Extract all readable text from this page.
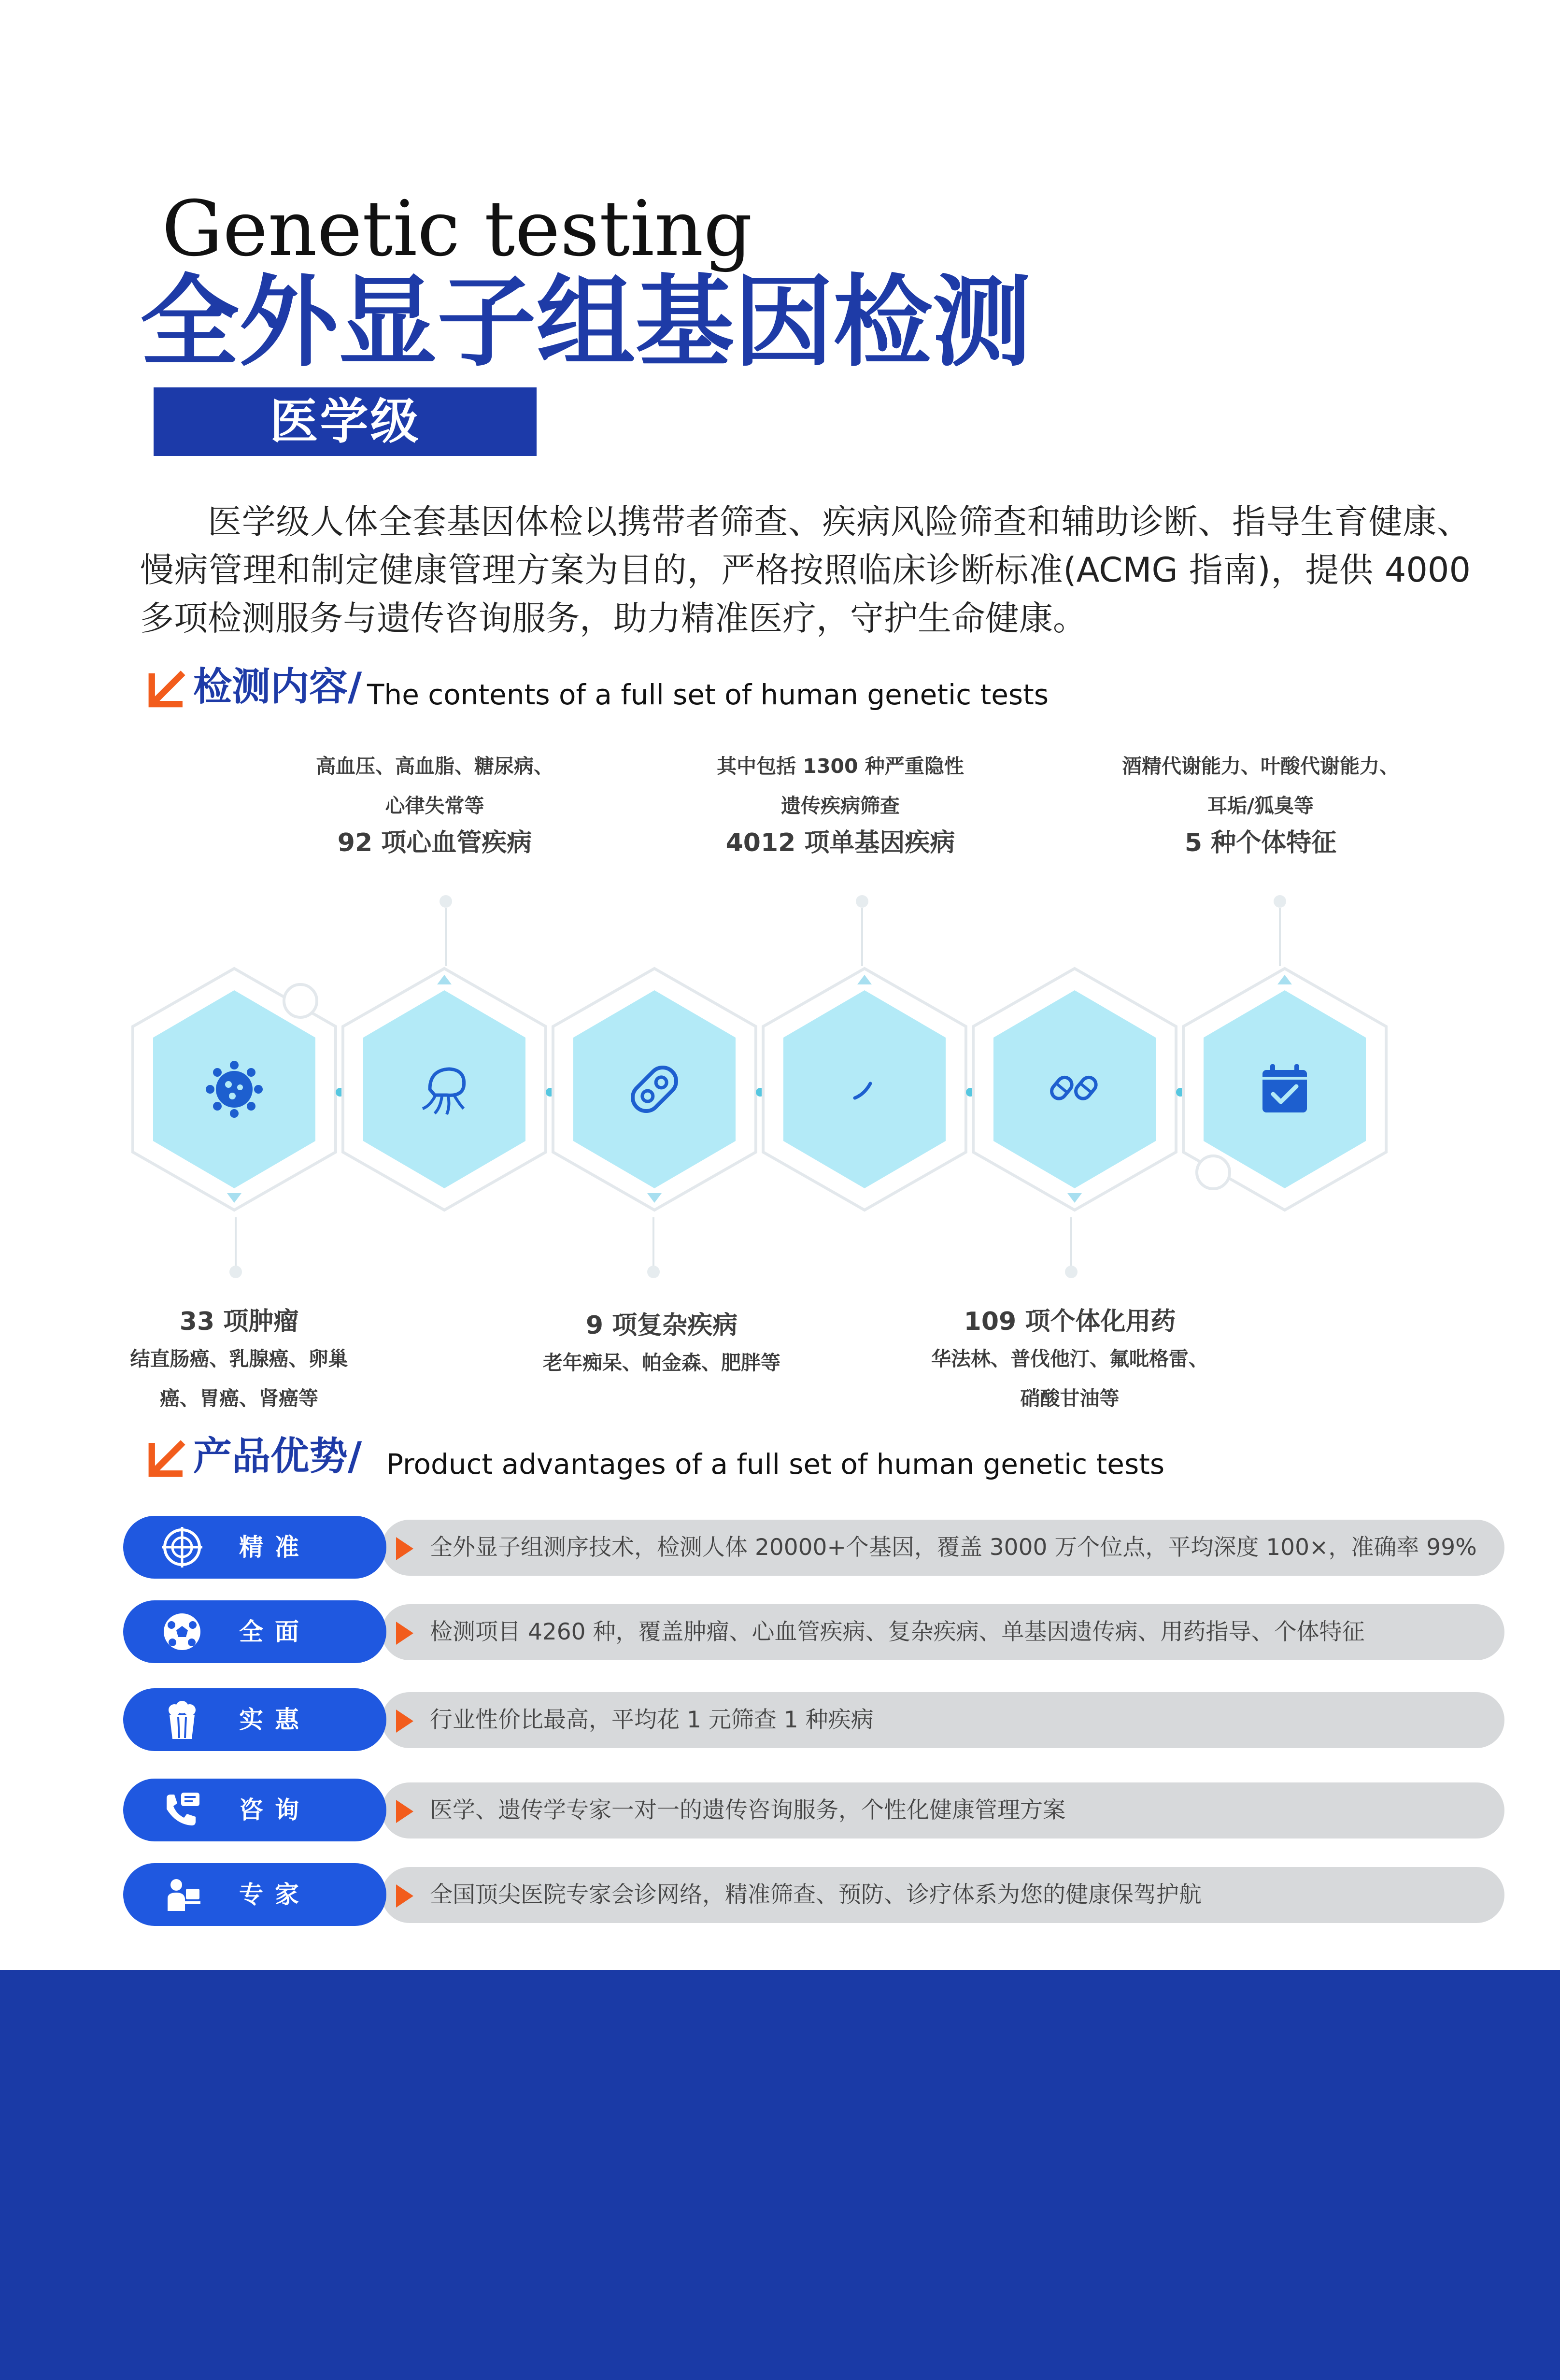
Genetic testing
全外显子组基因检测
医学级
医学级人体全套基因体检以携带者筛查、疾病风险筛查和辅助诊断、指导生育健康、慢病管理和制定健康管理方案为目的，严格按照临床诊断标准(ACMG 指南)，提供 4000 多项检测服务与遗传咨询服务，助力精准医疗，守护生命健康。
检测内容/ The contents of a full set of human genetic tests
高血压、高血脂、糖尿病、
心律失常等
92 项心血管疾病
其中包括 1300 种严重隐性
遗传疾病筛查
4012 项单基因疾病
酒精代谢能力、叶酸代谢能力、
耳垢/狐臭等
5 种个体特征
33 项肿瘤
结直肠癌、乳腺癌、卵巢
癌、胃癌、肾癌等
9 项复杂疾病
老年痴呆、帕金森、肥胖等
109 项个体化用药
华法林、普伐他汀、氟吡格雷、
硝酸甘油等
产品优势/ Product advantages of a full set of human genetic tests
全外显子组测序技术，检测人体 20000+个基因，覆盖 3000 万个位点，平均深度 100×，准确率 99%
精准
检测项目 4260 种，覆盖肿瘤、心血管疾病、复杂疾病、单基因遗传病、用药指导、个体特征
全面
行业性价比最高，平均花 1 元筛查 1 种疾病
实惠
医学、遗传学专家一对一的遗传咨询服务，个性化健康管理方案
咨询
全国顶尖医院专家会诊网络，精准筛查、预防、诊疗体系为您的健康保驾护航
专家
